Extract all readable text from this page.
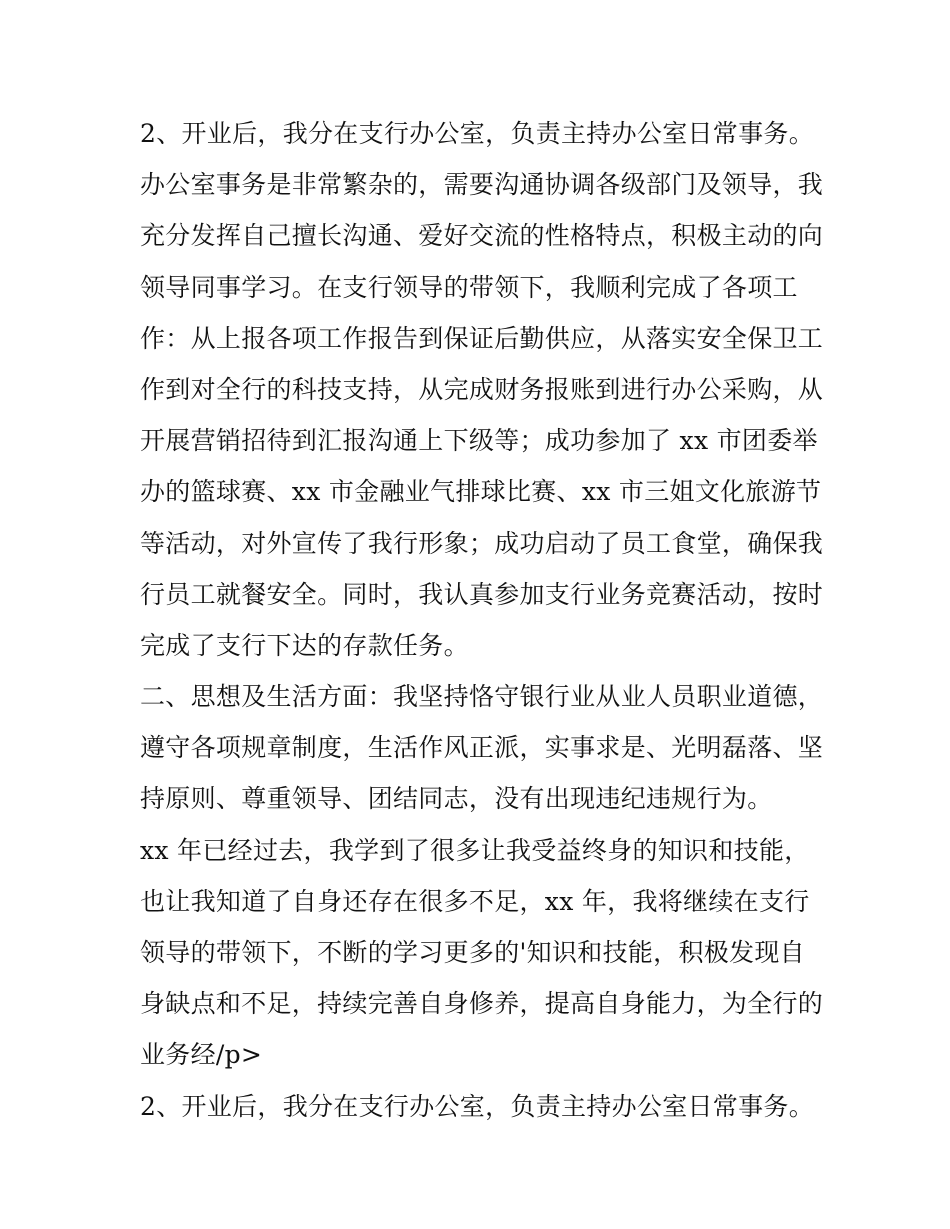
2、开业后，我分在支行办公室，负责主持办公室日常事务。
办公室事务是非常繁杂的，需要沟通协调各级部门及领导，我
充分发挥自己擅长沟通、爱好交流的性格特点，积极主动的向
领导同事学习。在支行领导的带领下，我顺利完成了各项工
作：从上报各项工作报告到保证后勤供应，从落实安全保卫工
作到对全行的科技支持，从完成财务报账到进行办公采购，从
开展营销招待到汇报沟通上下级等；成功参加了 xx 市团委举
办的篮球赛、xx 市金融业气排球比赛、xx 市三姐文化旅游节
等活动，对外宣传了我行形象；成功启动了员工食堂，确保我
行员工就餐安全。同时，我认真参加支行业务竞赛活动，按时
完成了支行下达的存款任务。
二、思想及生活方面：我坚持恪守银行业从业人员职业道德，
遵守各项规章制度，生活作风正派，实事求是、光明磊落、坚
持原则、尊重领导、团结同志，没有出现违纪违规行为。
xx 年已经过去，我学到了很多让我受益终身的知识和技能，
也让我知道了自身还存在很多不足，xx 年，我将继续在支行
领导的带领下，不断的学习更多的'知识和技能，积极发现自
身缺点和不足，持续完善自身修养，提高自身能力，为全行的
业务经/p>
2、开业后，我分在支行办公室，负责主持办公室日常事务。
